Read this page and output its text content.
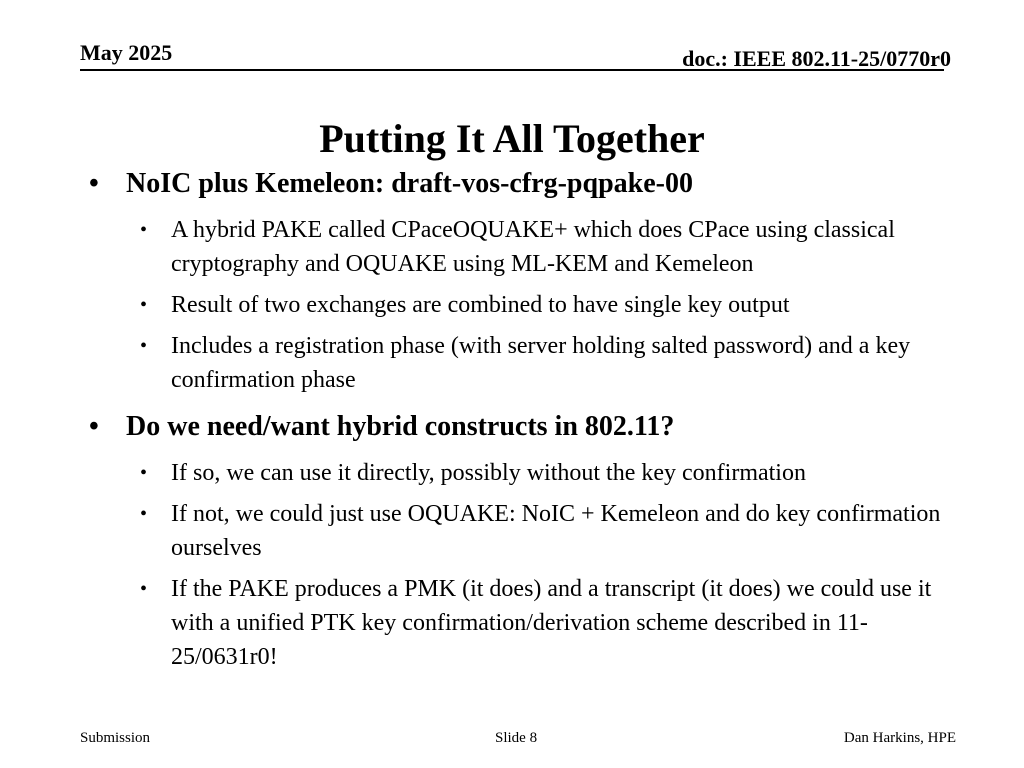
May 2025	doc.: IEEE 802.11-25/0770r0
Putting It All Together
• NoIC plus Kemeleon: draft-vos-cfrg-pqpake-00
• A hybrid PAKE called CPaceOQUAKE+ which does CPace using classical cryptography and OQUAKE using ML-KEM and Kemeleon
• Result of two exchanges are combined to have single key output
• Includes a registration phase (with server holding salted password) and a key confirmation phase
• Do we need/want hybrid constructs in 802.11?
• If so, we can use it directly, possibly without the key confirmation
• If not, we could just use OQUAKE: NoIC + Kemeleon and do key confirmation ourselves
• If the PAKE produces a PMK (it does) and a transcript (it does) we could use it with a unified PTK key confirmation/derivation scheme described in 11-25/0631r0!
Submission	Slide 8	Dan Harkins, HPE
